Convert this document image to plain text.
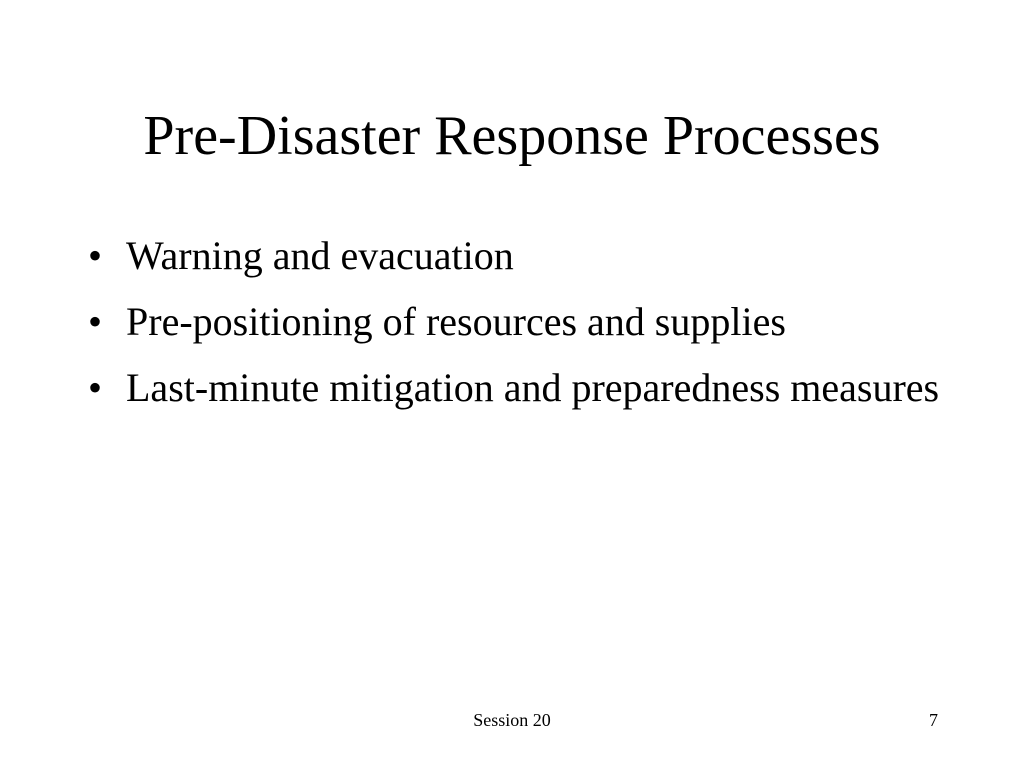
Pre-Disaster Response Processes
• Warning and evacuation
• Pre-positioning of resources and supplies
• Last-minute mitigation and preparedness measures
Session 20	7
